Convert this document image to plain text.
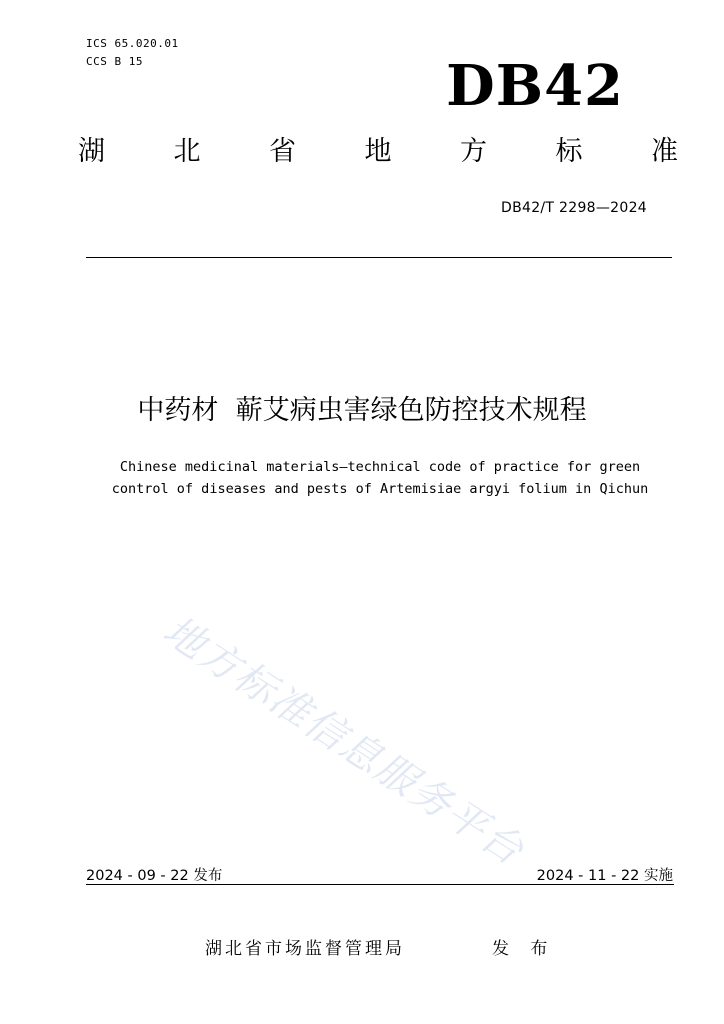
ICS 65.020.01
CCS B 15	DB42
湖	北	省	地	方	标	准
DB42/T 2298—2024
中药材  蕲艾病虫害绿色防控技术规程
Chinese medicinal materials—technical code of practice for green
control of diseases and pests of Artemisiae argyi folium in Qichun
地方标准信息服务平台
2024 - 09 - 22 发布	2024 - 11 - 22 实施
湖北省市场监督管理局	发 布
